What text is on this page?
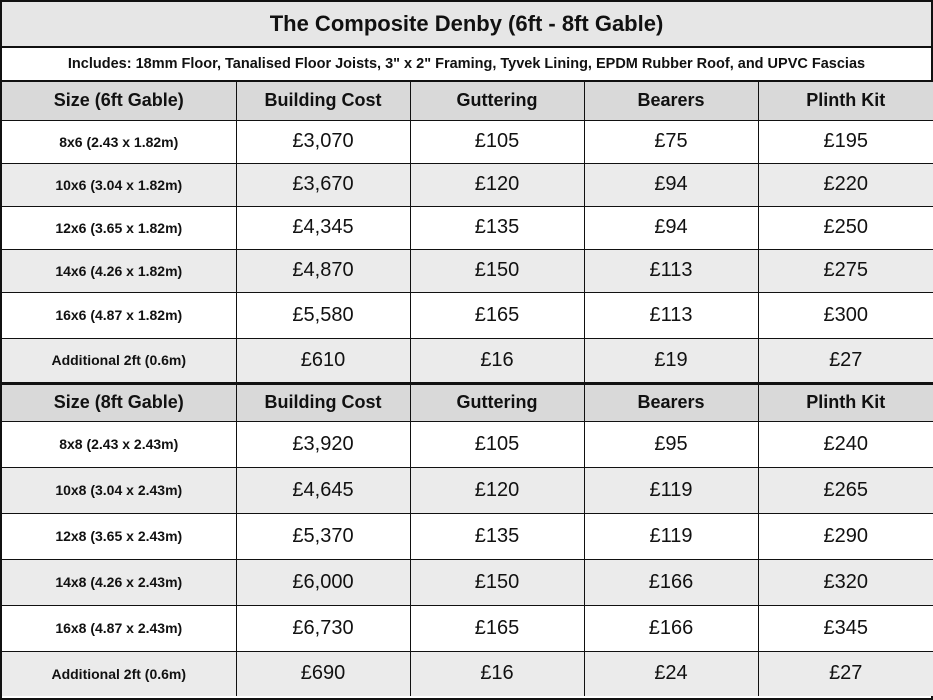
The Composite Denby (6ft - 8ft Gable)
Includes: 18mm Floor, Tanalised Floor Joists, 3" x 2" Framing, Tyvek Lining, EPDM Rubber Roof, and UPVC Fascias
Size (6ft Gable)	Building Cost	Guttering	Bearers	Plinth Kit
8x6 (2.43 x 1.82m)	£3,070	£105	£75	£195
10x6 (3.04 x 1.82m)	£3,670	£120	£94	£220
12x6 (3.65 x 1.82m)	£4,345	£135	£94	£250
14x6 (4.26 x 1.82m)	£4,870	£150	£113	£275
16x6 (4.87 x 1.82m)	£5,580	£165	£113	£300
Additional 2ft (0.6m)	£610	£16	£19	£27
Size (8ft Gable)	Building Cost	Guttering	Bearers	Plinth Kit
8x8 (2.43 x 2.43m)	£3,920	£105	£95	£240
10x8 (3.04 x 2.43m)	£4,645	£120	£119	£265
12x8 (3.65 x 2.43m)	£5,370	£135	£119	£290
14x8 (4.26 x 2.43m)	£6,000	£150	£166	£320
16x8 (4.87 x 2.43m)	£6,730	£165	£166	£345
Additional 2ft (0.6m)	£690	£16	£24	£27
